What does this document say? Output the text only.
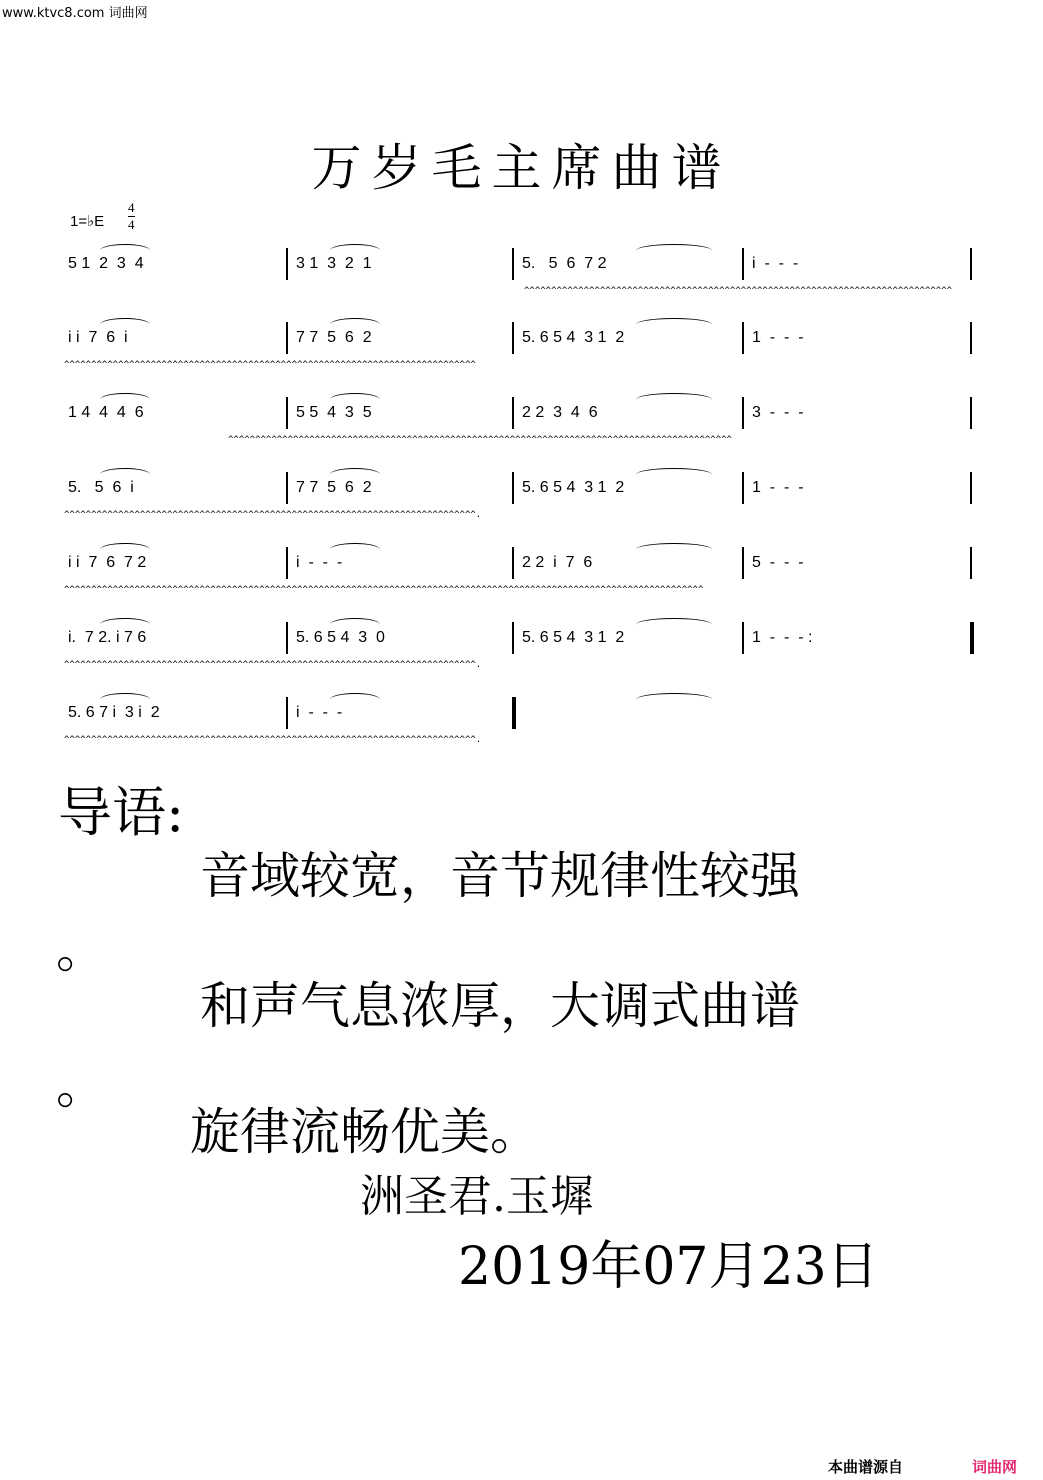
www.ktvc8.com 词曲网
万岁毛主席曲谱
1=♭E
4
4
5 1  2  3  4	3 1  3  2  1	5.   5  6  7 2	i  -  -  -
^^^^^^^^^^^^^^^^^^^^^^^^^^^^^^^^^^^^^^^^^^^^^^^^^^^^^^^^^^^^^^^^^^^^^^^^^^^^^^^
i i  7  6  i	7 7  5  6  2	5. 6 5 4  3 1  2	1  -  -  -
^^^^^^^^^^^^^^^^^^^^^^^^^^^^^^^^^^^^^^^^^^^^^^^^^^^^^^^^^^^^^^^^^^^^^^^^^^^^
1 4  4  4  6	5 5  4  3  5	2 2  3  4  6	3  -  -  -
^^^^^^^^^^^^^^^^^^^^^^^^^^^^^^^^^^^^^^^^^^^^^^^^^^^^^^^^^^^^^^^^^^^^^^^^^^^^^^^^^^^^^^^^^^^^^
5.   5  6  i	7 7  5  6  2	5. 6 5 4  3 1  2	1  -  -  -
^^^^^^^^^^^^^^^^^^^^^^^^^^^^^^^^^^^^^^^^^^^^^^^^^^^^^^^^^^^^^^^^^^^^^^^^^^^^.
i i  7  6  7 2	i  -  -  -	2 2  i  7  6	5  -  -  -
^^^^^^^^^^^^^^^^^^^^^^^^^^^^^^^^^^^^^^^^^^^^^^^^^^^^^^^^^^^^^^^^^^^^^^^^^^^^^^^^^^^^^^^^^^^^^^^^^^^^^^^^^^^^^^^^^^^^^^
i.  7 2. i 7 6	5. 6 5 4  3  0	5. 6 5 4  3 1  2	1  -  -  - :
^^^^^^^^^^^^^^^^^^^^^^^^^^^^^^^^^^^^^^^^^^^^^^^^^^^^^^^^^^^^^^^^^^^^^^^^^^^^.
5. 6 7 i  3 i  2	i  -  -  -
^^^^^^^^^^^^^^^^^^^^^^^^^^^^^^^^^^^^^^^^^^^^^^^^^^^^^^^^^^^^^^^^^^^^^^^^^^^^.
导语:
音域较宽，音节规律性较强
。
和声气息浓厚，大调式曲谱
。
旋律流畅优美。
洲圣君.玉墀
2019年07月23日
本曲谱源自	词曲网
